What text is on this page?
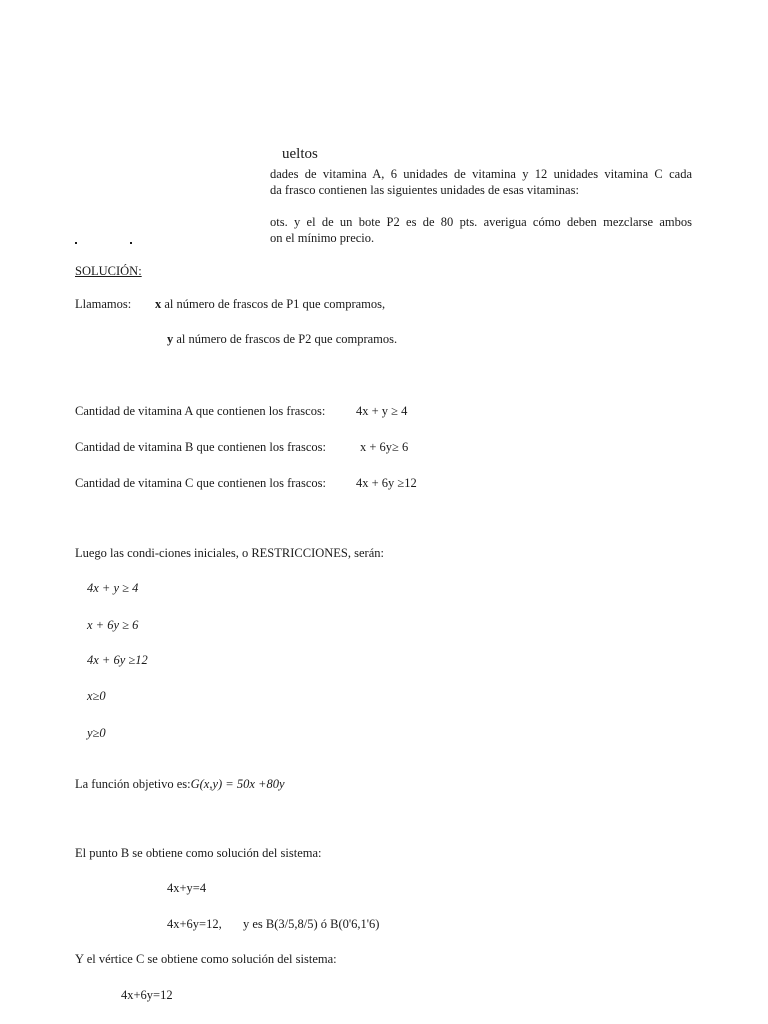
ueltos
dades de vitamina A, 6 unidades de vitamina y 12 unidades vitamina C cada
da frasco contienen las siguientes unidades de esas vitaminas:
ots. y el de un bote P2 es de 80 pts. averigua cómo deben mezclarse ambos
on el mínimo precio.
SOLUCIÓN:
Llamamos: x al número de frascos de P1 que compramos,
y al número de frascos de P2 que compramos.
Cantidad de vitamina A que contienen los frascos: 4x + y ≥ 4
Cantidad de vitamina B que contienen los frascos:	x + 6y≥ 6
Cantidad de vitamina C que contienen los frascos: 4x + 6y ≥12
Luego las condi-ciones iniciales, o RESTRICCIONES, serán:
4x + y ≥ 4
x + 6y ≥ 6
4x + 6y ≥12
x≥0
y≥0
La función objetivo es:G(x,y) = 50x +80y
El punto B se obtiene como solución del sistema:
4x+y=4
4x+6y=12, y es B(3/5,8/5) ó B(0'6,1'6)
Y el vértice C se obtiene como solución del sistema:
4x+6y=12
